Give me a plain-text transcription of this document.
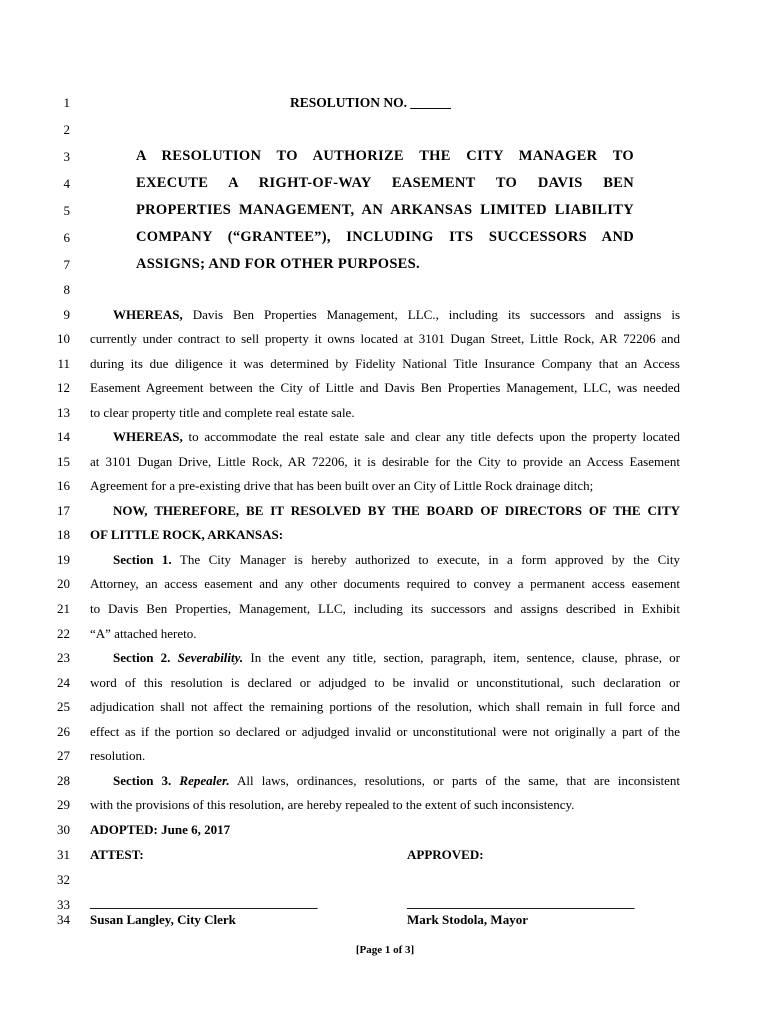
1
2
3
4
5
6
7
8
9
10
11
12
13
14
15
16
17
18
19
20
21
22
23
24
25
26
27
28
29
30
31
32
33
34
RESOLUTION NO. ______
A RESOLUTION TO AUTHORIZE THE CITY MANAGER TO
EXECUTE A RIGHT-OF-WAY EASEMENT TO DAVIS BEN
PROPERTIES MANAGEMENT, AN ARKANSAS LIMITED LIABILITY
COMPANY (“GRANTEE”), INCLUDING ITS SUCCESSORS AND
ASSIGNS; AND FOR OTHER PURPOSES.
WHEREAS, Davis Ben Properties Management, LLC., including its successors and assigns is
currently under contract to sell property it owns located at 3101 Dugan Street, Little Rock, AR 72206 and
during its due diligence it was determined by Fidelity National Title Insurance Company that an Access
Easement Agreement between the City of Little and Davis Ben Properties Management, LLC, was needed
to clear property title and complete real estate sale.
WHEREAS, to accommodate the real estate sale and clear any title defects upon the property located
at 3101 Dugan Drive, Little Rock, AR 72206, it is desirable for the City to provide an Access Easement
Agreement for a pre-existing drive that has been built over an City of Little Rock drainage ditch;
NOW, THEREFORE, BE IT RESOLVED BY THE BOARD OF DIRECTORS OF THE CITY
OF LITTLE ROCK, ARKANSAS:
Section 1. The City Manager is hereby authorized to execute, in a form approved by the City
Attorney, an access easement and any other documents required to convey a permanent access easement
to Davis Ben Properties, Management, LLC, including its successors and assigns described in Exhibit
“A” attached hereto.
Section 2. Severability. In the event any title, section, paragraph, item, sentence, clause, phrase, or
word of this resolution is declared or adjudged to be invalid or unconstitutional, such declaration or
adjudication shall not affect the remaining portions of the resolution, which shall remain in full force and
effect as if the portion so declared or adjudged invalid or unconstitutional were not originally a part of the
resolution.
Section 3. Repealer. All laws, ordinances, resolutions, or parts of the same, that are inconsistent
with the provisions of this resolution, are hereby repealed to the extent of such inconsistency.
ADOPTED: June 6, 2017
ATTEST:	APPROVED:
___________________________________	___________________________________
Susan Langley, City Clerk	Mark Stodola, Mayor
[Page 1 of 3]
